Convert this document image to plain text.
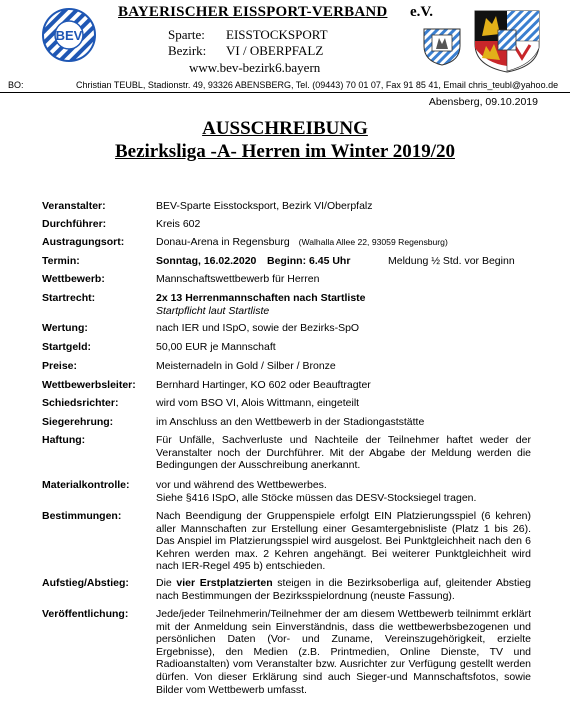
BEV
BAYERISCHER EISSPORT-VERBAND e.V.
Sparte: EISSTOCKSPORT
Bezirk: VI / OBERPFALZ
www.bev-bezirk6.bayern
BO:	Christian TEUBL, Stadionstr. 49, 93326 ABENSBERG, Tel. (09443) 70 01 07, Fax 91 85 41, Email chris_teubl@yahoo.de
Abensberg, 09.10.2019
AUSSCHREIBUNG
Bezirksliga -A- Herren im Winter 2019/20
Veranstalter:	BEV-Sparte Eisstocksport, Bezirk VI/Oberpfalz
Durchführer:	Kreis 602
Austragungsort:	Donau-Arena in Regensburg (Walhalla Allee 22, 93059 Regensburg)
Termin:	Sonntag, 16.02.2020 Beginn: 6.45 Uhr	Meldung ½ Std. vor Beginn
Wettbewerb:	Mannschaftswettbewerb für Herren
Startrecht:	2x 13 Herrenmannschaften nach Startliste
Startpflicht laut Startliste
Wertung:	nach IER und ISpO, sowie der Bezirks-SpO
Startgeld:	50,00 EUR je Mannschaft
Preise:	Meisternadeln in Gold / Silber / Bronze
Wettbewerbsleiter: Bernhard Hartinger, KO 602 oder Beauftragter
Schiedsrichter:	wird vom BSO VI, Alois Wittmann, eingeteilt
Siegerehrung:	im Anschluss an den Wettbewerb in der Stadiongaststätte
Haftung:	Für Unfälle, Sachverluste und Nachteile der Teilnehmer haftet weder der Veranstalter noch der Durchführer. Mit der Abgabe der Meldung werden die Bedingungen der Ausschreibung anerkannt.
Materialkontrolle:	vor und während des Wettbewerbes.
Siehe §416 ISpO, alle Stöcke müssen das DESV-Stocksiegel tragen.
Bestimmungen:	Nach Beendigung der Gruppenspiele erfolgt EIN Platzierungsspiel (6 kehren) aller Mannschaften zur Erstellung einer Gesamtergebnisliste (Platz 1 bis 26). Das Anspiel im Platzierungsspiel wird ausgelost. Bei Punktgleichheit nach den 6 Kehren werden max. 2 Kehren angehängt. Bei weiterer Punktgleichheit wird nach IER-Regel 495 b) entschieden.
Aufstieg/Abstieg:	Die vier Erstplatzierten steigen in die Bezirksoberliga auf, gleitender Abstieg nach Bestimmungen der Bezirksspielordnung (neuste Fassung).
Veröffentlichung:	Jede/jeder Teilnehmerin/Teilnehmer der am diesem Wettbewerb teilnimmt erklärt mit der Anmeldung sein Einverständnis, dass die wettbewerbsbezogenen und persönlichen Daten (Vor- und Zuname, Vereinszugehörigkeit, erzielte Ergebnisse), den Medien (z.B. Printmedien, Online Dienste, TV und Radioanstalten) vom Veranstalter bzw. Ausrichter zur Verfügung gestellt werden dürfen. Von dieser Erklärung sind auch Sieger-und Mannschaftsfotos, sowie Bilder vom Wettbewerb umfasst.
